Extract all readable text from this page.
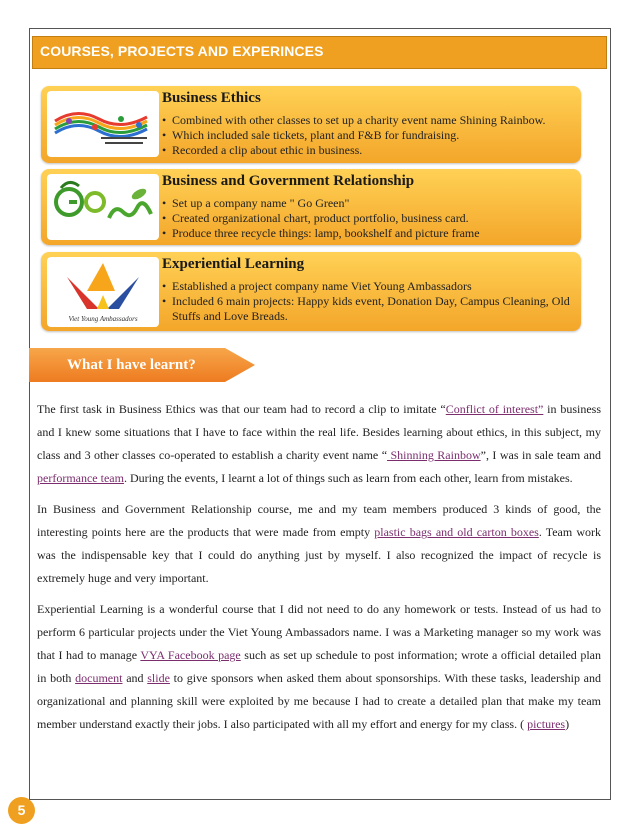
COURSES, PROJECTS AND EXPERINCES
Business Ethics
• Combined with other classes to set up a charity event name Shining Rainbow.
• Which included sale tickets, plant and F&B for fundraising.
• Recorded a clip about ethic in business.
Business and Government Relationship
• Set up a company name " Go Green"
• Created organizational chart, product portfolio, business card.
• Produce three recycle things: lamp, bookshelf and picture frame
Viet Young Ambassadors
Experiential Learning
• Established a project company name Viet Young Ambassadors
• Included 6 main projects: Happy kids event, Donation Day, Campus Cleaning, Old Stuffs and Love Breads.
What I have learnt?

The first task in Business Ethics was that our team had to record a clip to imitate “Conflict of interest” in business and I knew some situations that I have to face within the real life. Besides learning about ethics, in this subject, my class and 3 other classes co-operated to establish a charity event name “ Shinning Rainbow”, I was in sale team and performance team. During the events, I learnt a lot of things such as learn from each other, learn from mistakes.

In Business and Government Relationship course, me and my team members produced 3 kinds of good, the interesting points here are the products that were made from empty plastic bags and old carton boxes. Team work was the indispensable key that I could do anything just by myself. I also recognized the impact of recycle is extremely huge and very important.

Experiential Learning is a wonderful course that I did not need to do any homework or tests. Instead of us had to perform 6 particular projects under the Viet Young Ambassadors name. I was a Marketing manager so my work was that I had to manage VYA Facebook page such as set up schedule to post information; wrote a official detailed plan in both document and slide to give sponsors when asked them about sponsorships. With these tasks, leadership and organizational and planning skill were exploited by me because I had to create a detailed plan that make my team member understand exactly their jobs. I also participated with all my effort and energy for my class. ( pictures)

5
